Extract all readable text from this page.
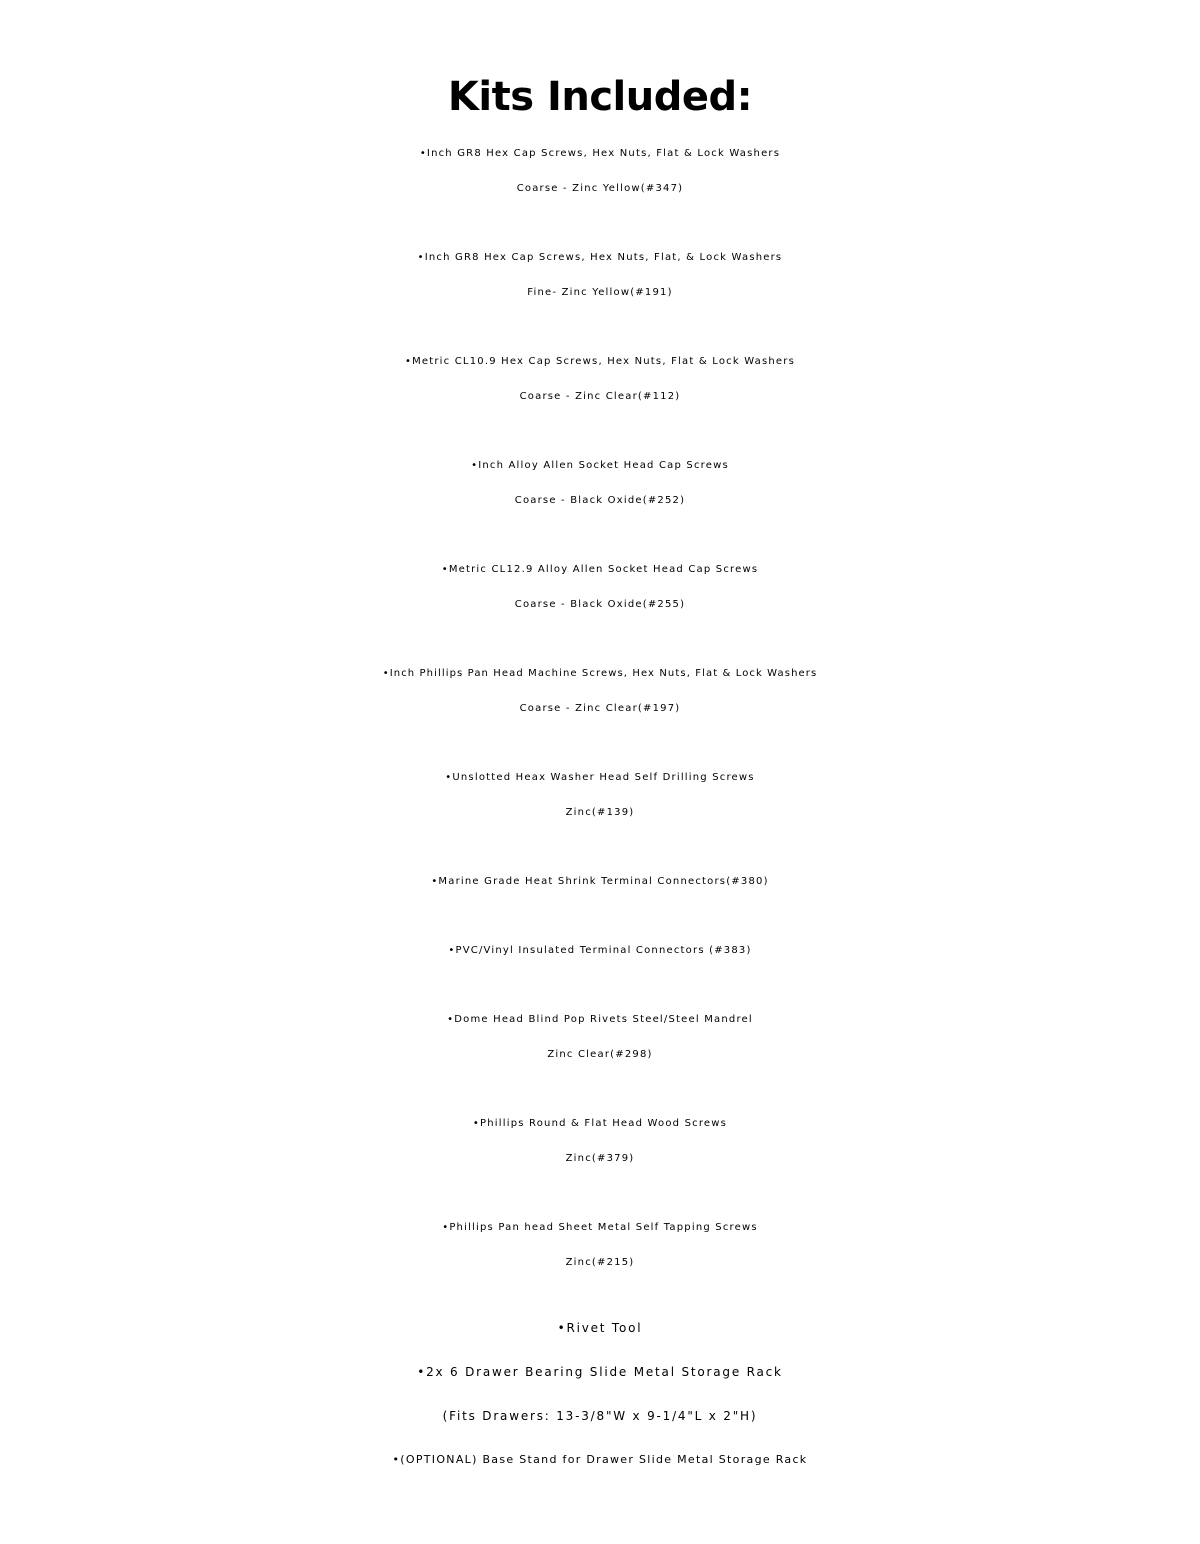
Kits Included:
•Inch GR8 Hex Cap Screws, Hex Nuts, Flat & Lock Washers
Coarse - Zinc Yellow(#347)
•Inch GR8 Hex Cap Screws, Hex Nuts, Flat, & Lock Washers
Fine- Zinc Yellow(#191)
•Metric CL10.9 Hex Cap Screws, Hex Nuts, Flat & Lock Washers
Coarse - Zinc Clear(#112)
•Inch Alloy Allen Socket Head Cap Screws
Coarse - Black Oxide(#252)
•Metric CL12.9 Alloy Allen Socket Head Cap Screws
Coarse - Black Oxide(#255)
•Inch Phillips Pan Head Machine Screws, Hex Nuts, Flat & Lock Washers
Coarse - Zinc Clear(#197)
•Unslotted Heax Washer Head Self Drilling Screws
Zinc(#139)
•Marine Grade Heat Shrink Terminal Connectors(#380)
•PVC/Vinyl Insulated Terminal Connectors (#383)
•Dome Head Blind Pop Rivets Steel/Steel Mandrel
Zinc Clear(#298)
•Phillips Round & Flat Head Wood Screws
Zinc(#379)
•Phillips Pan head Sheet Metal Self Tapping Screws
Zinc(#215)
•Rivet Tool
•2x 6 Drawer Bearing Slide Metal Storage Rack
(Fits Drawers: 13-3/8"W x 9-1/4"L x 2"H)
•(OPTIONAL) Base Stand for Drawer Slide Metal Storage Rack
